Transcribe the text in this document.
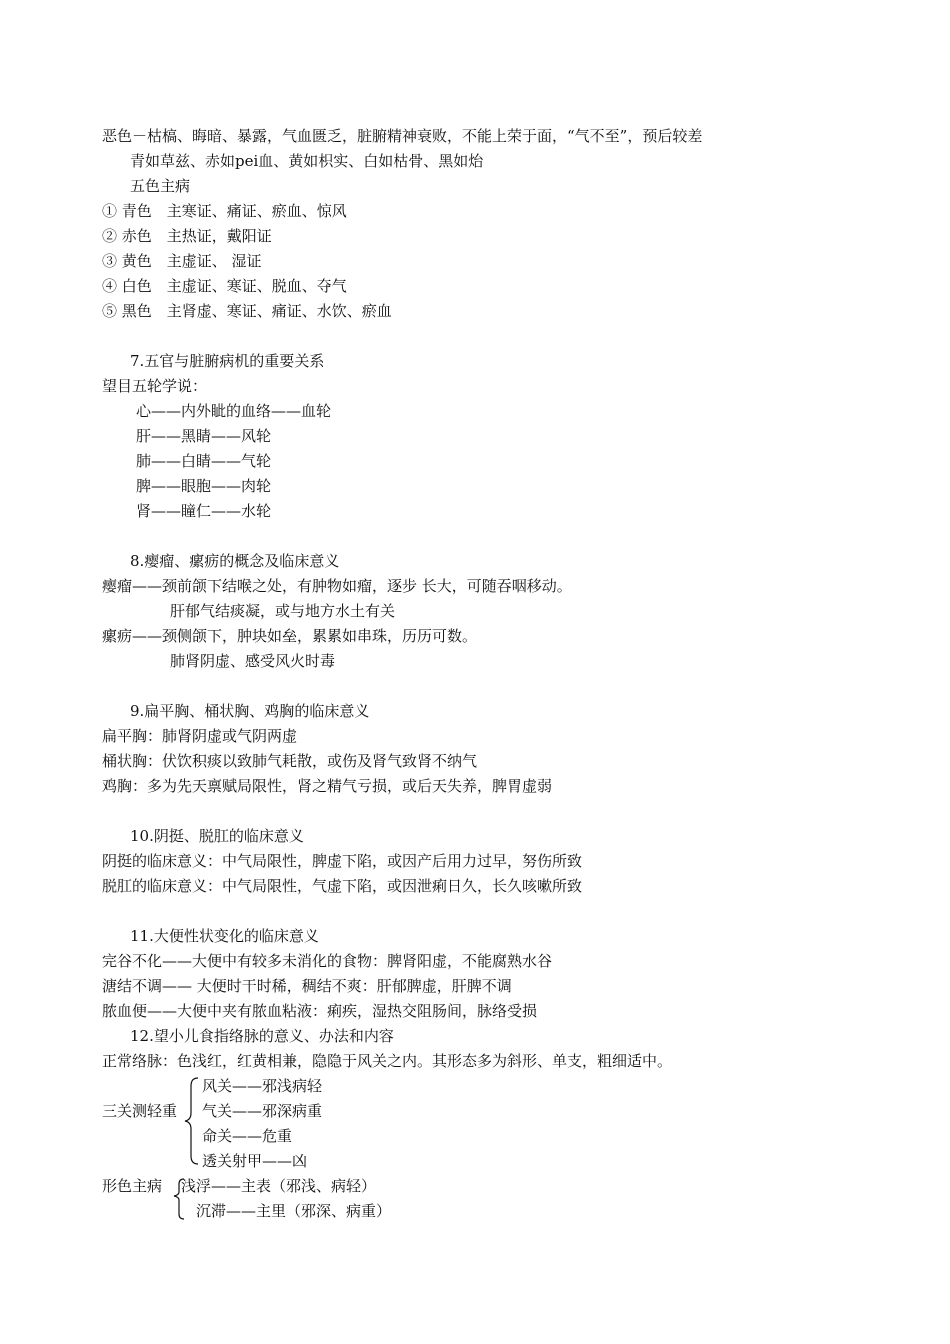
恶色－枯槁、晦暗、暴露，气血匮乏，脏腑精神衰败，不能上荣于面，“气不至”，预后较差
青如草兹、赤如pei血、黄如枳实、白如枯骨、黑如炲
五色主病
① 青色　主寒证、痛证、瘀血、惊风
② 赤色　主热证，戴阳证
③ 黄色　主虚证、 湿证
④ 白色　主虚证、寒证、脱血、夺气
⑤ 黑色　主肾虚、寒证、痛证、水饮、瘀血
7.五官与脏腑病机的重要关系
望目五轮学说：
心——内外眦的血络——血轮
肝——黑睛——风轮
肺——白睛——气轮
脾——眼胞——肉轮
肾——瞳仁——水轮
8.瘿瘤、瘰疬的概念及临床意义
瘿瘤——颈前颌下结喉之处，有肿物如瘤，逐步 长大，可随吞咽移动。
肝郁气结痰凝，或与地方水土有关
瘰疬——颈侧颌下，肿块如垒，累累如串珠，历历可数。
肺肾阴虚、感受风火时毒
9.扁平胸、桶状胸、鸡胸的临床意义
扁平胸：肺肾阴虚或气阴两虚
桶状胸：伏饮积痰以致肺气耗散，或伤及肾气致肾不纳气
鸡胸：多为先天禀赋局限性，肾之精气亏损，或后天失养，脾胃虚弱
10.阴挺、脱肛的临床意义
阴挺的临床意义：中气局限性，脾虚下陷，或因产后用力过早，努伤所致
脱肛的临床意义：中气局限性，气虚下陷，或因泄痢日久，长久咳嗽所致
11.大便性状变化的临床意义
完谷不化——大便中有较多未消化的食物：脾肾阳虚，不能腐熟水谷
溏结不调—— 大便时干时稀，稠结不爽：肝郁脾虚，肝脾不调
脓血便——大便中夹有脓血粘液：痢疾，湿热交阻肠间，脉络受损
12.望小儿食指络脉的意义、办法和内容
正常络脉：色浅红，红黄相兼，隐隐于风关之内。其形态多为斜形、单支，粗细适中。
三关测轻重
风关——邪浅病轻
气关——邪深病重
命关——危重
透关射甲——凶
形色主病 浅浮——主表（邪浅、病轻）
沉滞——主里（邪深、病重）
